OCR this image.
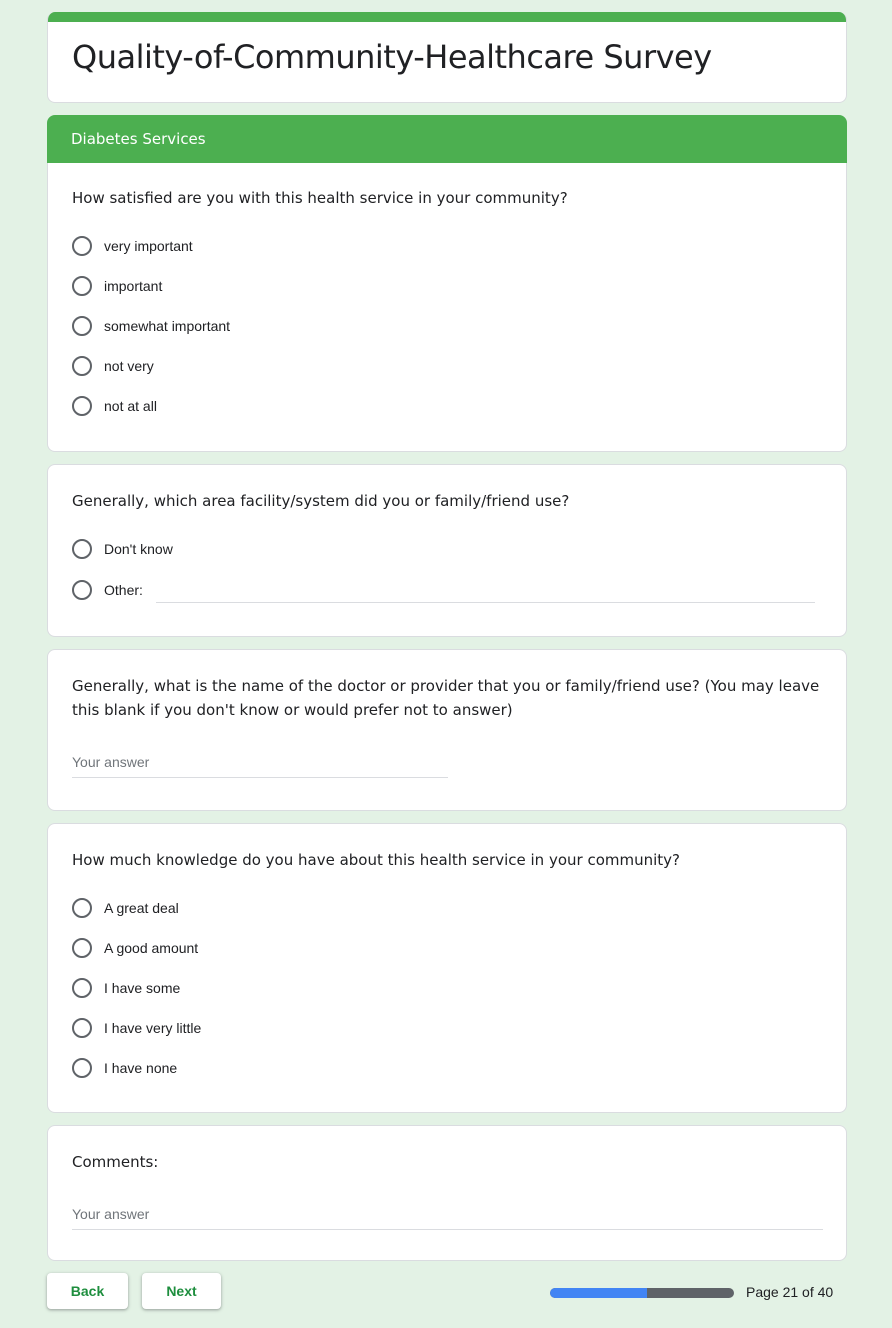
Quality-of-Community-Healthcare Survey
Diabetes Services

How satisfied are you with this health service in your community?

very important
important
somewhat important
not very
not at all

Generally, which area facility/system did you or family/friend use?

Don't know
Other:

Generally, what is the name of the doctor or provider that you or family/friend use? (You may leave this blank if you don't know or would prefer not to answer)

Your answer

How much knowledge do you have about this health service in your community?

A great deal
A good amount
I have some
I have very little
I have none

Comments:

Your answer
Back	Next	Page 21 of 40
